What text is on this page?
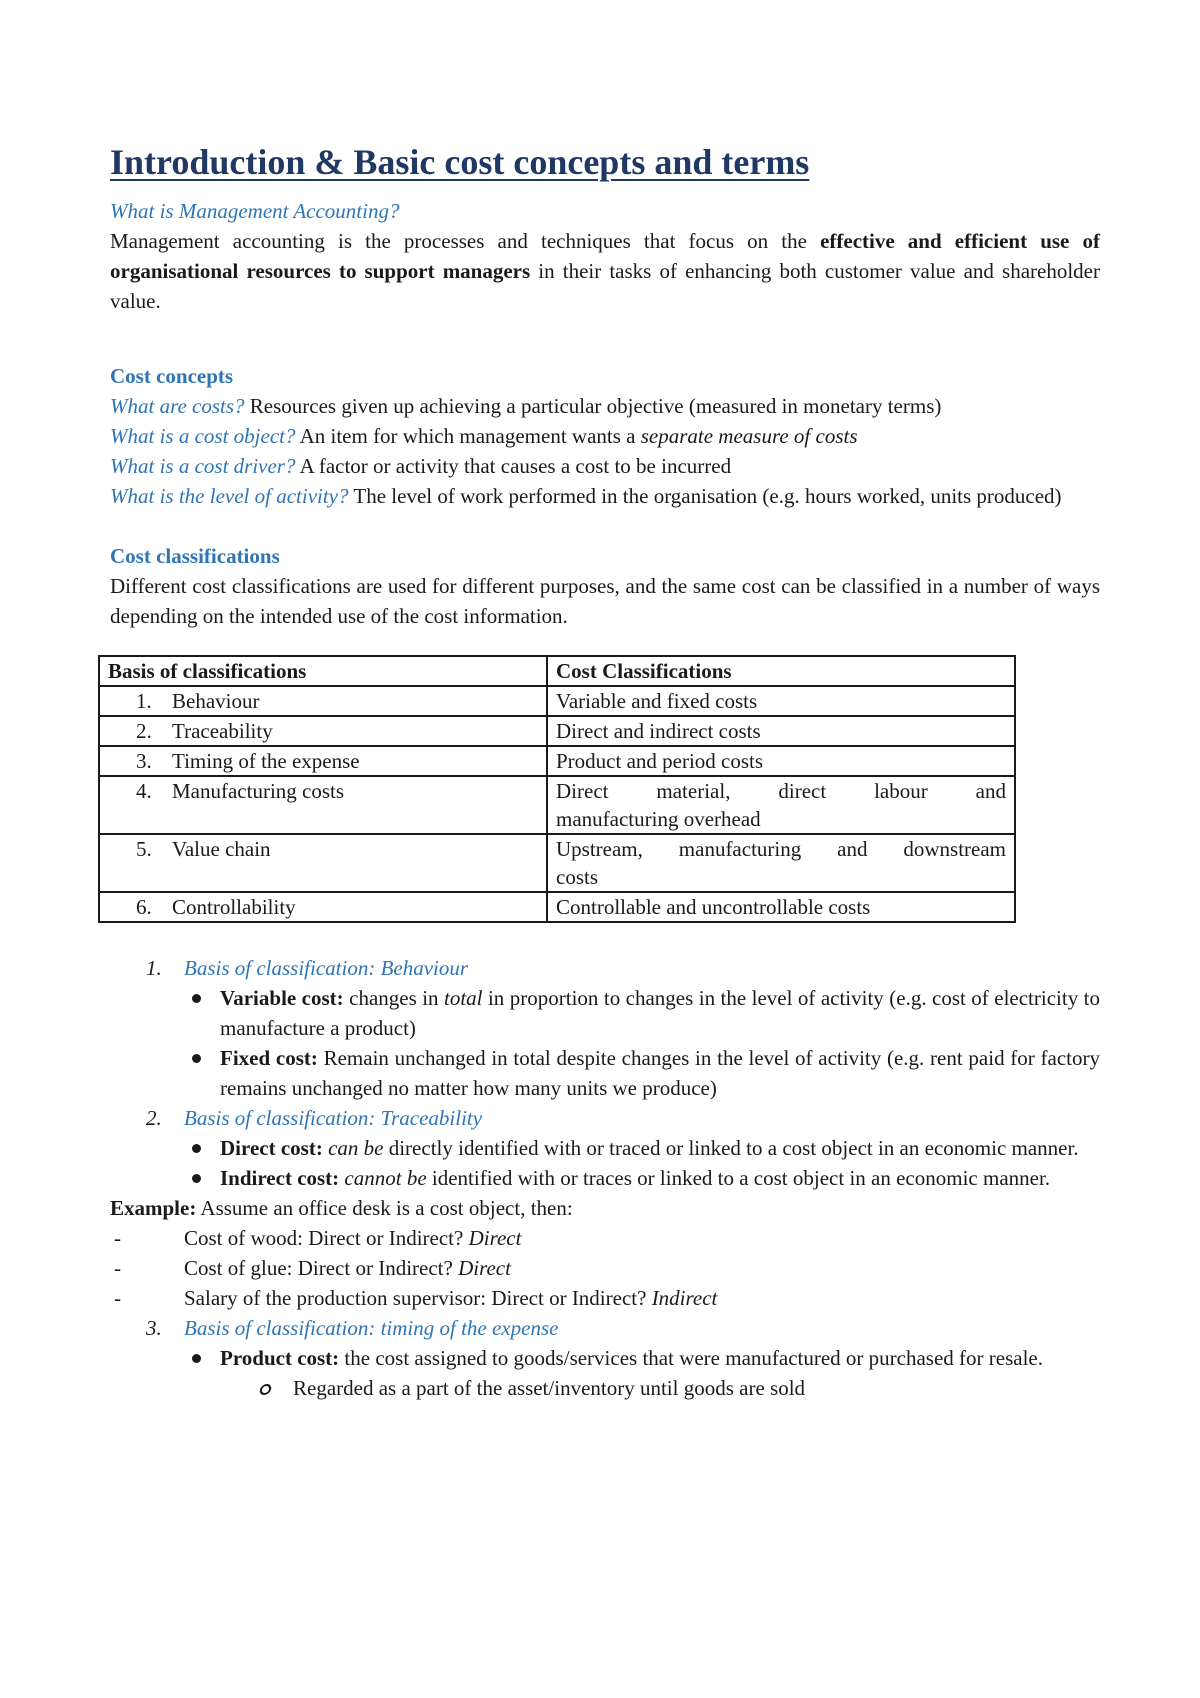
Introduction & Basic cost concepts and terms
What is Management Accounting?

Management accounting is the processes and techniques that focus on the effective and efficient use of organisational resources to support managers in their tasks of enhancing both customer value and shareholder value.

Cost concepts
What are costs? Resources given up achieving a particular objective (measured in monetary terms)
What is a cost object? An item for which management wants a separate measure of costs
What is a cost driver? A factor or activity that causes a cost to be incurred

What is the level of activity? The level of work performed in the organisation (e.g. hours worked, units produced)

Cost classifications

Different cost classifications are used for different purposes, and the same cost can be classified in a number of ways depending on the intended use of the cost information.

Basis of classifications	Cost Classifications
1. Behaviour	Variable and fixed costs
2. Traceability	Direct and indirect costs
3. Timing of the expense	Product and period costs
4. Manufacturing costs	Direct material, direct labour and
manufacturing overhead
5. Value chain	Upstream, manufacturing and downstream
costs
6. Controllability	Controllable and uncontrollable costs
1. Basis of classification: Behaviour
Variable cost: changes in total in proportion to changes in the level of activity (e.g. cost of electricity to manufacture a product)
Fixed cost: Remain unchanged in total despite changes in the level of activity (e.g. rent paid for factory remains unchanged no matter how many units we produce)
2. Basis of classification: Traceability
Direct cost: can be directly identified with or traced or linked to a cost object in an economic manner.
Indirect cost: cannot be identified with or traces or linked to a cost object in an economic manner.
Example: Assume an office desk is a cost object, then:
-	Cost of wood: Direct or Indirect? Direct
-	Cost of glue: Direct or Indirect? Direct
-	Salary of the production supervisor: Direct or Indirect? Indirect
3. Basis of classification: timing of the expense
Product cost: the cost assigned to goods/services that were manufactured or purchased for resale.
Regarded as a part of the asset/inventory until goods are sold
